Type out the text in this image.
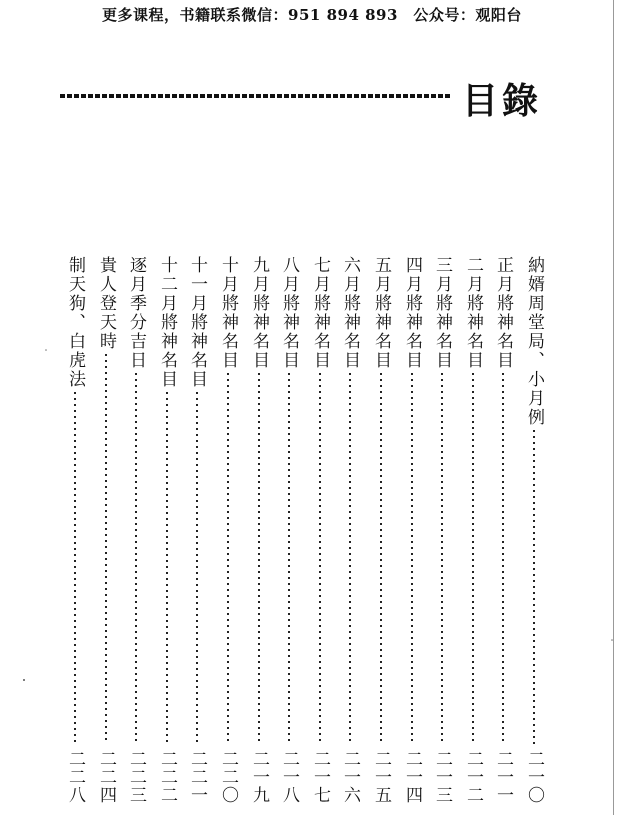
更多课程，书籍联系微信：951 894 893　公众号：观阳台
目錄
納婿周堂局、小月例
二一〇
正月將神名目
二一一
二月將神名目
二一二
三月將神名目
二一三
四月將神名目
二一四
五月將神名目
二一五
六月將神名目
二一六
七月將神名目
二一七
八月將神名目
二一八
九月將神名目
二一九
十月將神名目
二二〇
十一月將神名目
二二一
十二月將神名目
二二二
逐月季分吉日
二二三
貴人登天時
二二四
制天狗、白虎法
二二八
